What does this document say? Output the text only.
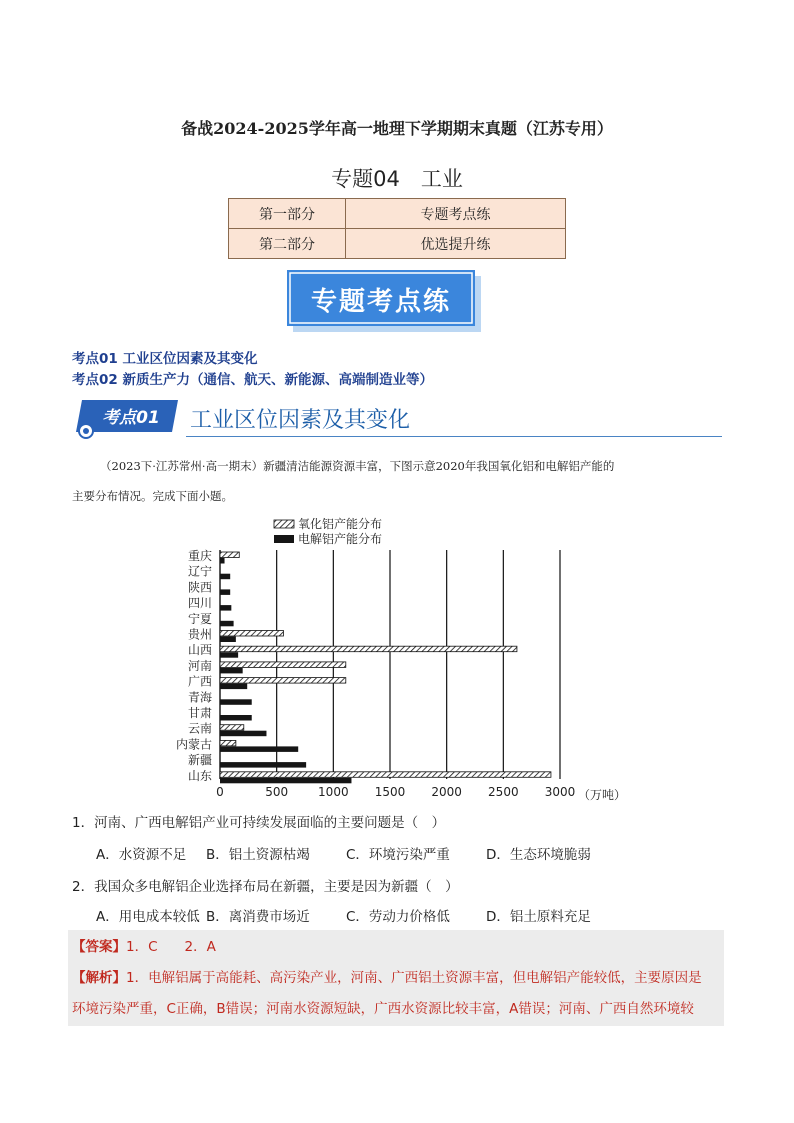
备战2024-2025学年高一地理下学期期末真题（江苏专用）
专题04　工业
第一部分	专题考点练
第二部分	优选提升练
专题考点练
考点01 工业区位因素及其变化
考点02 新质生产力（通信、航天、新能源、高端制造业等）
考点01	工业区位因素及其变化
（2023下·江苏常州·高一期末）新疆清洁能源资源丰富，下图示意2020年我国氧化铝和电解铝产能的
主要分布情况。完成下面小题。
重庆
辽宁
陕西
四川
宁夏
贵州
山西
河南
广西
青海
甘肃
云南
内蒙古
新疆
山东
0	500 1000 1500 2000 2500 3000
氧化铝产能分布
电解铝产能分布
（万吨）
1．河南、广西电解铝产业可持续发展面临的主要问题是（　）
A．水资源不足 B．铝土资源枯竭	C．环境污染严重	D．生态环境脆弱
2．我国众多电解铝企业选择布局在新疆，主要是因为新疆（　）
A．用电成本较低 B．离消费市场近	C．劳动力价格低	D．铝土原料充足
【答案】1．C　　2．A
【解析】1．电解铝属于高能耗、高污染产业，河南、广西铝土资源丰富，但电解铝产能较低，主要原因是
环境污染严重，C正确，B错误；河南水资源短缺，广西水资源比较丰富，A错误；河南、广西自然环境较
